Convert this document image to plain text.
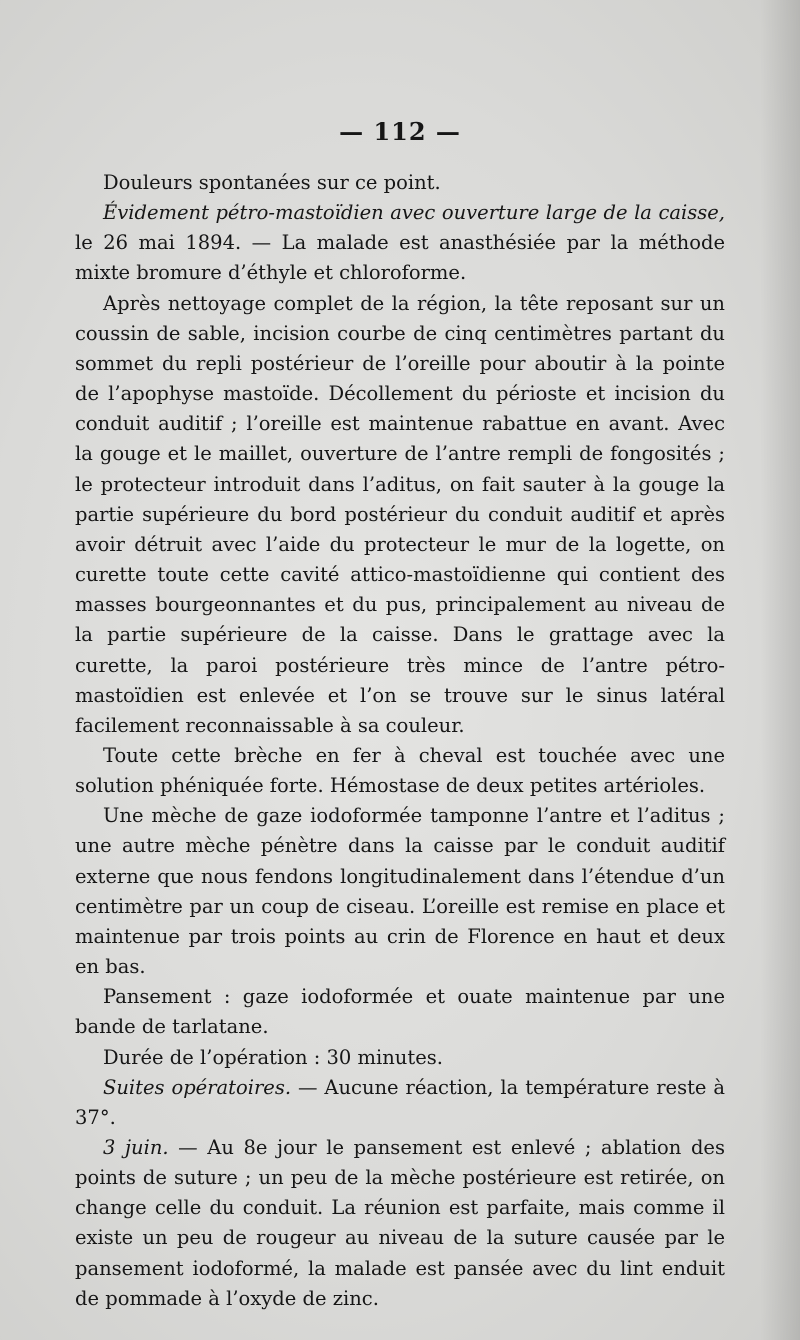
— 112 —

Douleurs spontanées sur ce point.

Évidement pétro-mastoïdien avec ouverture large de la caisse, le 26 mai 1894. — La malade est anasthésiée par la méthode mixte bromure d’éthyle et chloroforme.

Après nettoyage complet de la région, la tête reposant sur un coussin de sable, incision courbe de cinq centimètres partant du sommet du repli postérieur de l’oreille pour aboutir à la pointe de l’apophyse mastoïde. Décollement du périoste et incision du conduit auditif ; l’oreille est maintenue rabattue en avant. Avec la gouge et le maillet, ouverture de l’antre rempli de fongosités ; le protecteur introduit dans l’aditus, on fait sauter à la gouge la partie supérieure du bord postérieur du conduit auditif et après avoir détruit avec l’aide du protecteur le mur de la logette, on curette toute cette cavité attico-mastoïdienne qui contient des masses bourgeonnantes et du pus, principalement au niveau de la partie supérieure de la caisse. Dans le grattage avec la curette, la paroi postérieure très mince de l’antre pétro-mastoïdien est enlevée et l’on se trouve sur le sinus latéral facilement reconnaissable à sa couleur.

Toute cette brèche en fer à cheval est touchée avec une solution phéniquée forte. Hémostase de deux petites artérioles.

Une mèche de gaze iodoformée tamponne l’antre et l’aditus ; une autre mèche pénètre dans la caisse par le conduit auditif externe que nous fendons longitudinalement dans l’étendue d’un centimètre par un coup de ciseau. L’oreille est remise en place et maintenue par trois points au crin de Florence en haut et deux en bas.

Pansement : gaze iodoformée et ouate maintenue par une bande de tarlatane.

Durée de l’opération : 30 minutes.

Suites opératoires. — Aucune réaction, la température reste à 37°.

3 juin. — Au 8e jour le pansement est enlevé ; ablation des points de suture ; un peu de la mèche postérieure est retirée, on change celle du conduit. La réunion est parfaite, mais comme il existe un peu de rougeur au niveau de la suture causée par le pansement iodoformé, la malade est pansée avec du lint enduit de pommade à l’oxyde de zinc.
